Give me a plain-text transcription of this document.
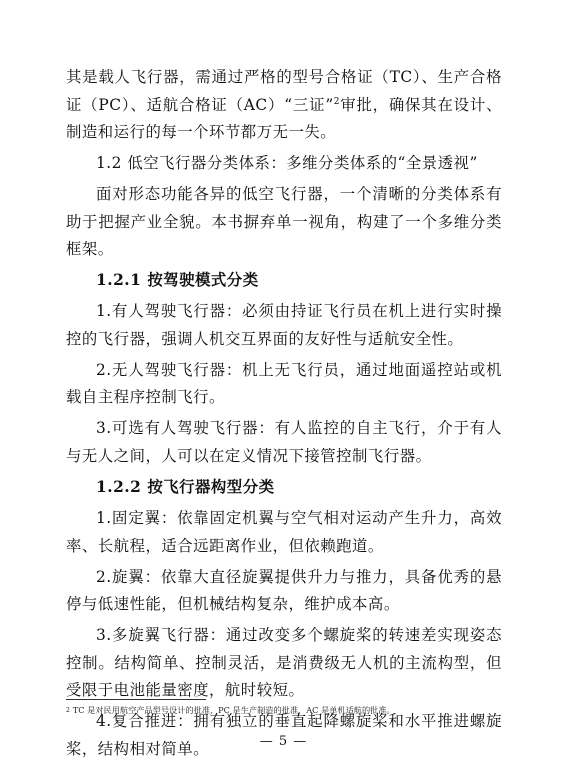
其是载人飞行器，需通过严格的型号合格证（TC）、生产合格证（PC）、适航合格证（AC）“三证”$^2$审批，确保其在设计、制造和运行的每一个环节都万无一失。

1.2 低空飞行器分类体系：多维分类体系的“全景透视”

面对形态功能各异的低空飞行器，一个清晰的分类体系有助于把握产业全貌。本书摒弃单一视角，构建了一个多维分类框架。

1.2.1 按驾驶模式分类

1.有人驾驶飞行器：必须由持证飞行员在机上进行实时操控的飞行器，强调人机交互界面的友好性与适航安全性。

2.无人驾驶飞行器：机上无飞行员，通过地面遥控站或机载自主程序控制飞行。

3.可选有人驾驶飞行器：有人监控的自主飞行，介于有人与无人之间，人可以在定义情况下接管控制飞行器。

1.2.2 按飞行器构型分类

1.固定翼：依靠固定机翼与空气相对运动产生升力，高效率、长航程，适合远距离作业，但依赖跑道。

2.旋翼：依靠大直径旋翼提供升力与推力，具备优秀的悬停与低速性能，但机械结构复杂，维护成本高。

3.多旋翼飞行器：通过改变多个螺旋桨的转速差实现姿态控制。结构简单、控制灵活，是消费级无人机的主流构型，但受限于电池能量密度，航时较短。

4.复合推进：拥有独立的垂直起降螺旋桨和水平推进螺旋桨，结构相对简单。

$^2$ TC 是对民用航空产品型号设计的批准，PC 是生产制造的批准，AC 是单机适航的批准。
— 5 —
